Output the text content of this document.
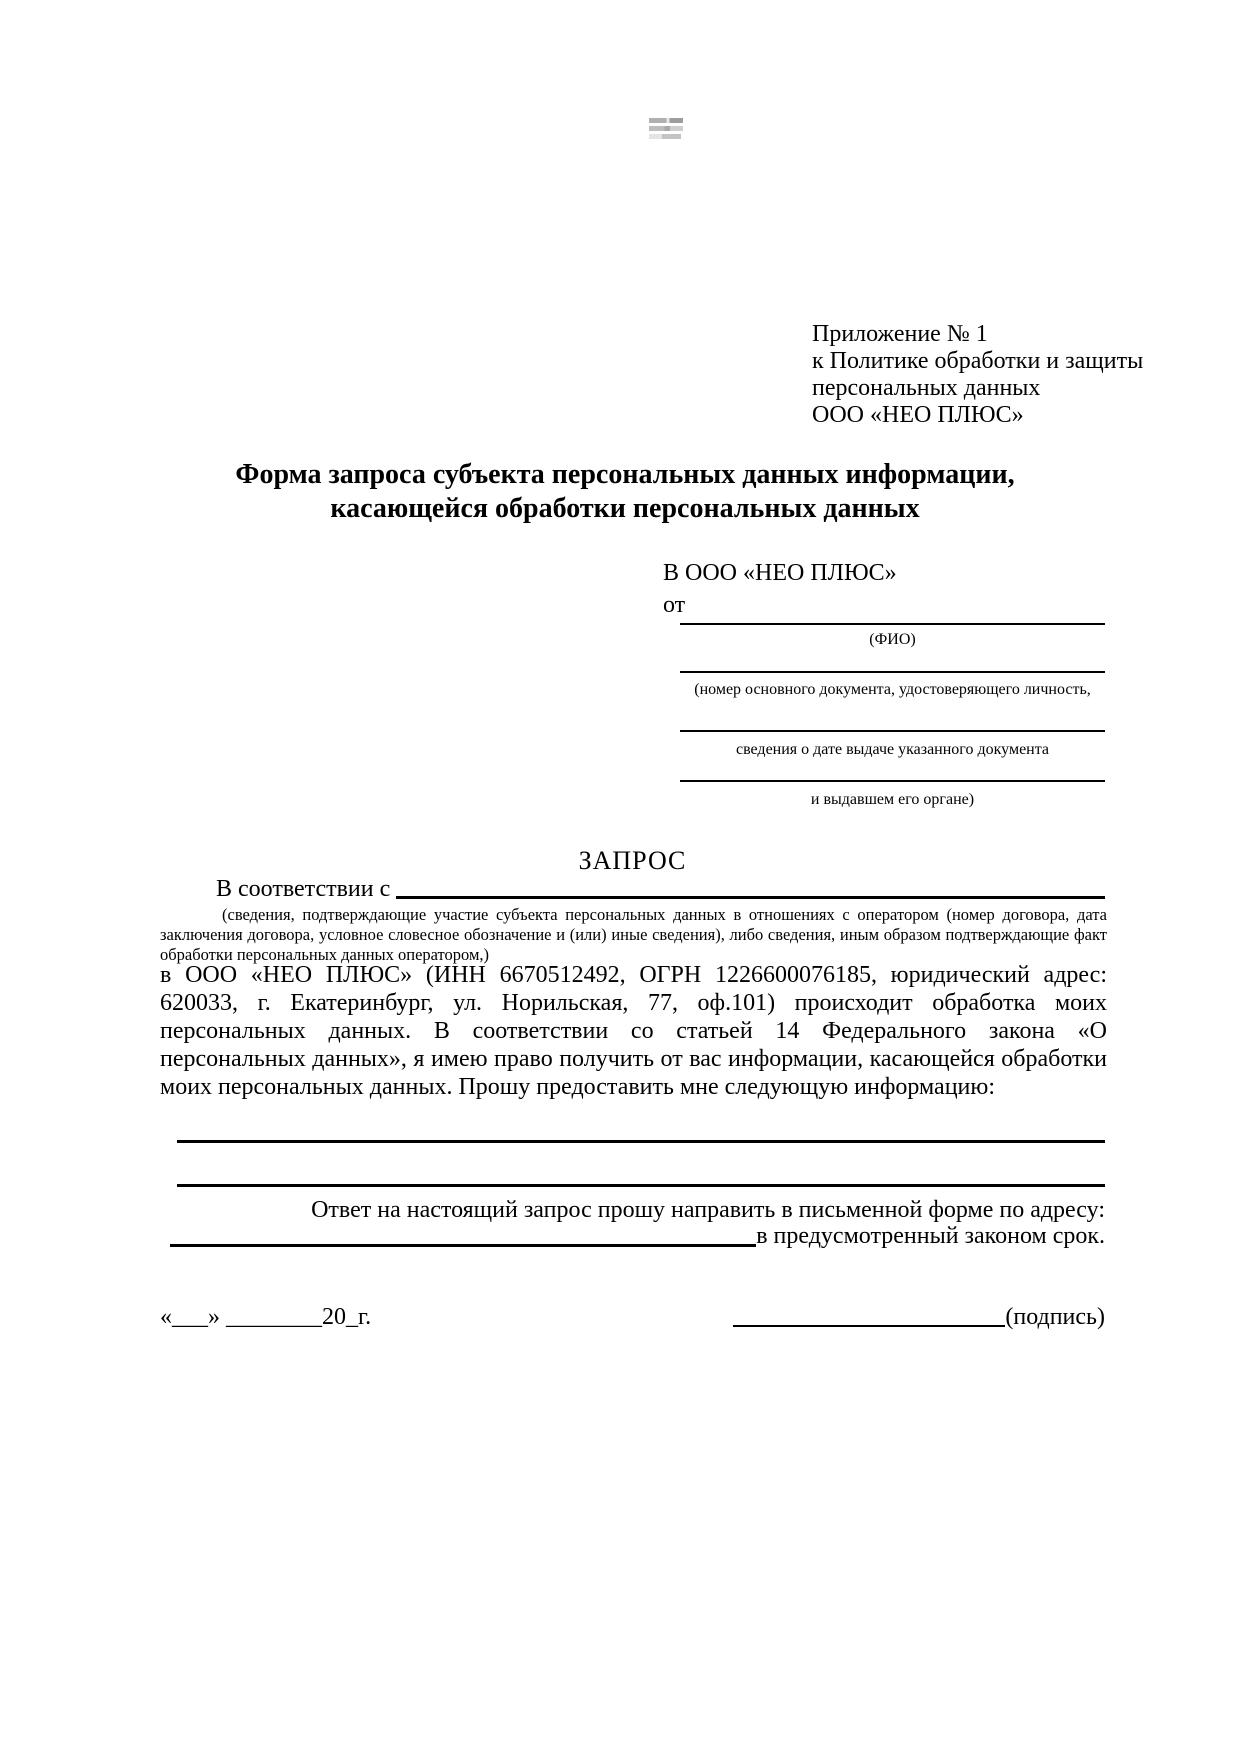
Приложение № 1
к Политике обработки и защиты
персональных данных
ООО «НЕО ПЛЮС»
Форма запроса субъекта персональных данных информации,
касающейся обработки персональных данных
В ООО «НЕО ПЛЮС»
от
(ФИО)
(номер основного документа, удостоверяющего личность,
сведения о дате выдаче указанного документа
и выдавшем его органе)
ЗАПРОС
В соответствии с
(сведения, подтверждающие участие субъекта персональных данных в отношениях с оператором (номер договора, дата заключения договора, условное словесное обозначение и (или) иные сведения), либо сведения, иным образом подтверждающие факт обработки персональных данных оператором,)
в ООО «НЕО ПЛЮС» (ИНН 6670512492, ОГРН 1226600076185, юридический адрес: 620033, г. Екатеринбург, ул. Норильская, 77, оф.101) происходит обработка моих персональных данных. В соответствии со статьей 14 Федерального закона «О персональных данных», я имею право получить от вас информации, касающейся обработки моих персональных данных. Прошу предоставить мне следующую информацию:
Ответ на настоящий запрос прошу направить в письменной форме по адресу:
в предусмотренный законом срок.
«___» ________20_г.	(подпись)
